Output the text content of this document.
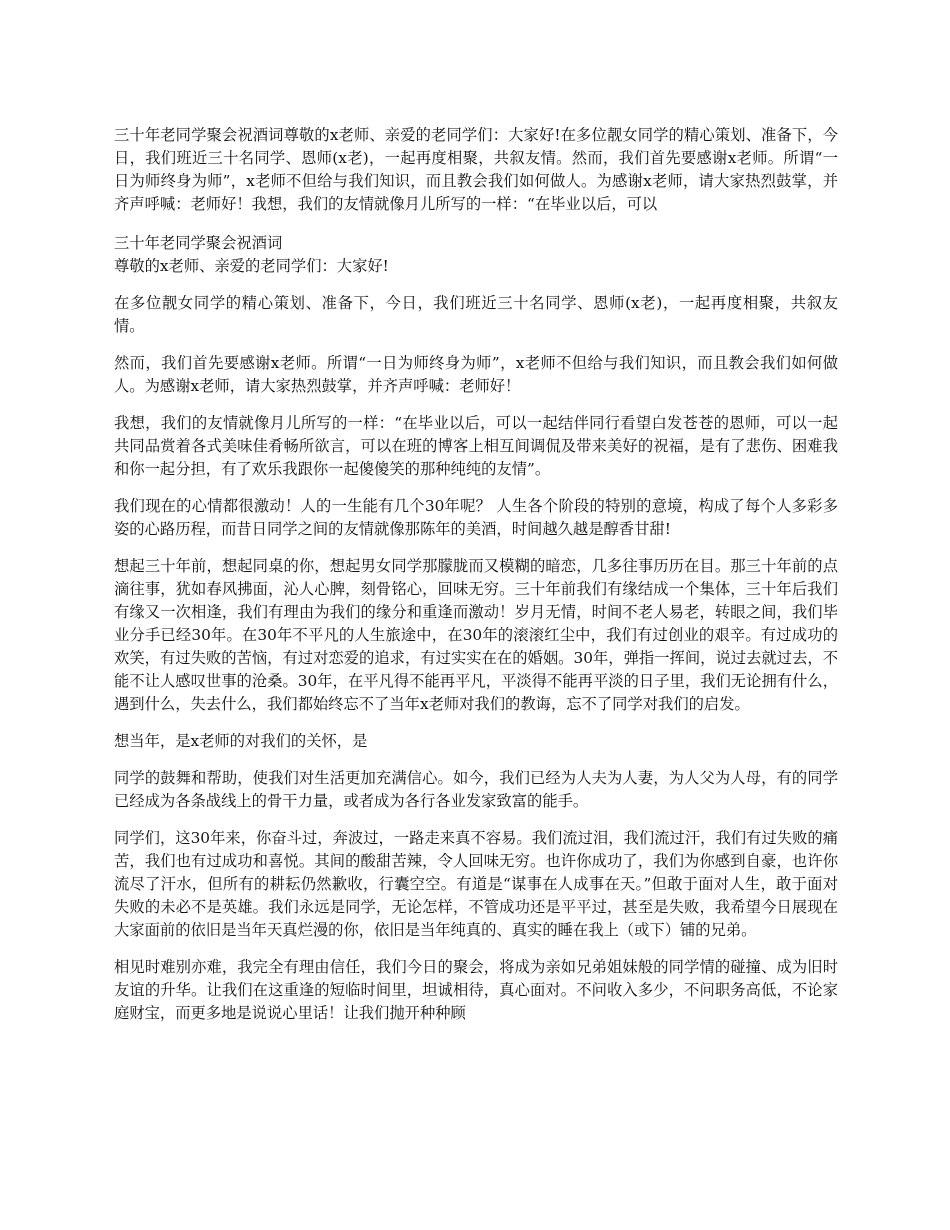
三十年老同学聚会祝酒词尊敬的x老师、亲爱的老同学们：大家好!在多位靓女同学的精心策划、准备下，今日，我们班近三十名同学、恩师(x老)，一起再度相聚，共叙友情。然而，我们首先要感谢x老师。所谓“一日为师终身为师”，x老师不但给与我们知识，而且教会我们如何做人。为感谢x老师，请大家热烈鼓掌，并齐声呼喊：老师好！我想，我们的友情就像月儿所写的一样：“在毕业以后，可以

三十年老同学聚会祝酒词

尊敬的x老师、亲爱的老同学们：大家好!

在多位靓女同学的精心策划、准备下，今日，我们班近三十名同学、恩师(x老)，一起再度相聚，共叙友情。

然而，我们首先要感谢x老师。所谓“一日为师终身为师”，x老师不但给与我们知识，而且教会我们如何做人。为感谢x老师，请大家热烈鼓掌，并齐声呼喊：老师好！

我想，我们的友情就像月儿所写的一样：“在毕业以后，可以一起结伴同行看望白发苍苍的恩师，可以一起共同品赏着各式美味佳肴畅所欲言，可以在班的博客上相互间调侃及带来美好的祝福，是有了悲伤、困难我和你一起分担，有了欢乐我跟你一起傻傻笑的那种纯纯的友情”。

我们现在的心情都很激动！人的一生能有几个30年呢？ 人生各个阶段的特别的意境，构成了每个人多彩多姿的心路历程，而昔日同学之间的友情就像那陈年的美酒，时间越久越是醇香甘甜!

想起三十年前，想起同桌的你，想起男女同学那朦胧而又模糊的暗恋，几多往事历历在目。那三十年前的点滴往事，犹如春风拂面，沁人心脾，刻骨铭心，回味无穷。三十年前我们有缘结成一个集体，三十年后我们有缘又一次相逢，我们有理由为我们的缘分和重逢而激动！岁月无情，时间不老人易老，转眼之间，我们毕业分手已经30年。在30年不平凡的人生旅途中，在30年的滚滚红尘中，我们有过创业的艰辛。有过成功的欢笑，有过失败的苦恼，有过对恋爱的追求，有过实实在在的婚姻。30年，弹指一挥间，说过去就过去，不能不让人感叹世事的沧桑。30年，在平凡得不能再平凡，平淡得不能再平淡的日子里，我们无论拥有什么，遇到什么，失去什么，我们都始终忘不了当年x老师对我们的教诲，忘不了同学对我们的启发。

想当年，是x老师的对我们的关怀，是

同学的鼓舞和帮助，使我们对生活更加充满信心。如今，我们已经为人夫为人妻，为人父为人母，有的同学已经成为各条战线上的骨干力量，或者成为各行各业发家致富的能手。

同学们，这30年来，你奋斗过，奔波过，一路走来真不容易。我们流过泪，我们流过汗，我们有过失败的痛苦，我们也有过成功和喜悦。其间的酸甜苦辣，令人回味无穷。也许你成功了，我们为你感到自豪，也许你流尽了汗水，但所有的耕耘仍然歉收，行囊空空。有道是“谋事在人成事在天。”但敢于面对人生，敢于面对失败的未必不是英雄。我们永远是同学，无论怎样，不管成功还是平平过，甚至是失败，我希望今日展现在大家面前的依旧是当年天真烂漫的你，依旧是当年纯真的、真实的睡在我上（或下）铺的兄弟。

相见时难别亦难，我完全有理由信任，我们今日的聚会，将成为亲如兄弟姐妹般的同学情的碰撞、成为旧时友谊的升华。让我们在这重逢的短临时间里，坦诚相待，真心面对。不问收入多少，不问职务高低，不论家庭财宝，而更多地是说说心里话！让我们抛开种种顾
